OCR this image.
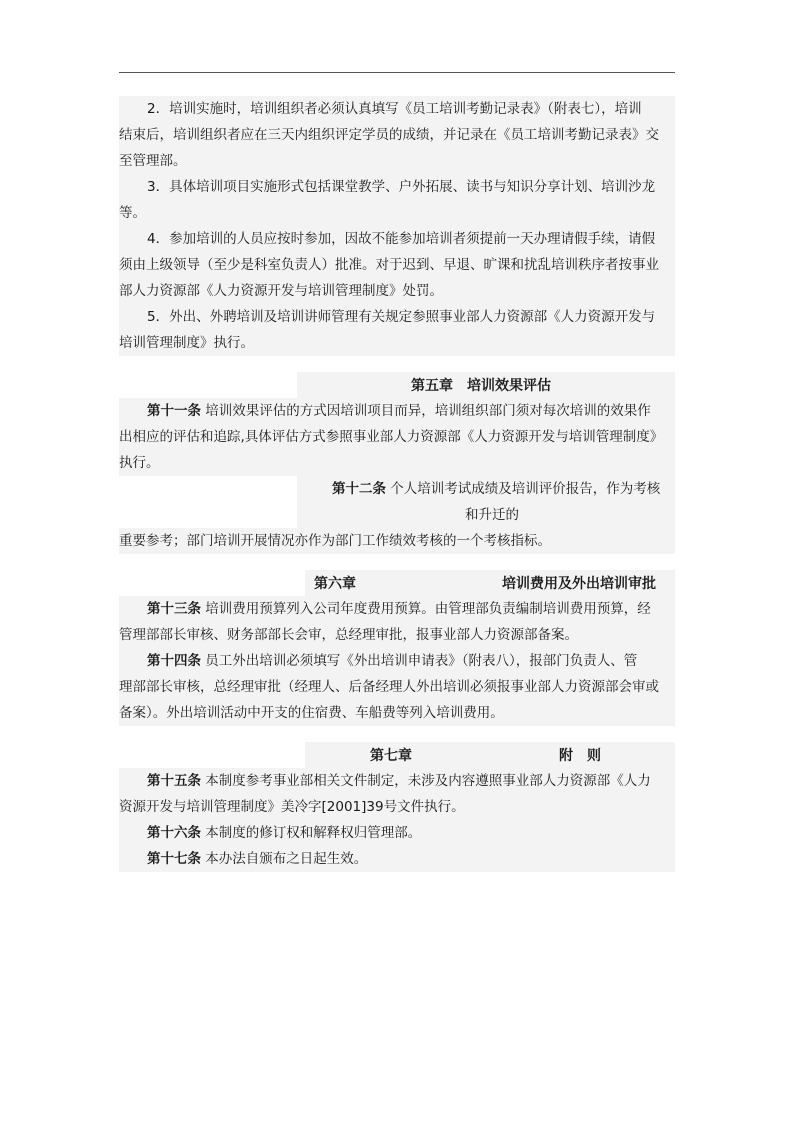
2．培训实施时，培训组织者必须认真填写《员工培训考勤记录表》（附表七），培训

结束后，培训组织者应在三天内组织评定学员的成绩，并记录在《员工培训考勤记录表》交

至管理部。

3．具体培训项目实施形式包括课堂教学、户外拓展、读书与知识分享计划、培训沙龙

等。

4．参加培训的人员应按时参加，因故不能参加培训者须提前一天办理请假手续，请假

须由上级领导（至少是科室负责人）批准。对于迟到、早退、旷课和扰乱培训秩序者按事业

部人力资源部《人力资源开发与培训管理制度》处罚。

5．外出、外聘培训及培训讲师管理有关规定参照事业部人力资源部《人力资源开发与

培训管理制度》执行。

第五章　培训效果评估

第十一条 培训效果评估的方式因培训项目而异，培训组织部门须对每次培训的效果作

出相应的评估和追踪,具体评估方式参照事业部人力资源部《人力资源开发与培训管理制度》

执行。

第十二条 个人培训考试成绩及培训评价报告，作为考核

和升迁的

重要参考；部门培训开展情况亦作为部门工作绩效考核的一个考核指标。

第六章	培训费用及外出培训审批

第十三条 培训费用预算列入公司年度费用预算。由管理部负责编制培训费用预算，经

管理部部长审核、财务部部长会审，总经理审批，报事业部人力资源部备案。

第十四条 员工外出培训必须填写《外出培训申请表》（附表八），报部门负责人、管

理部部长审核，总经理审批（经理人、后备经理人外出培训必须报事业部人力资源部会审或

备案）。外出培训活动中开支的住宿费、车船费等列入培训费用。

第七章	附　则

第十五条 本制度参考事业部相关文件制定，未涉及内容遵照事业部人力资源部《人力

资源开发与培训管理制度》美冷字[2001]39号文件执行。

第十六条 本制度的修订权和解释权归管理部。

第十七条 本办法自颁布之日起生效。
